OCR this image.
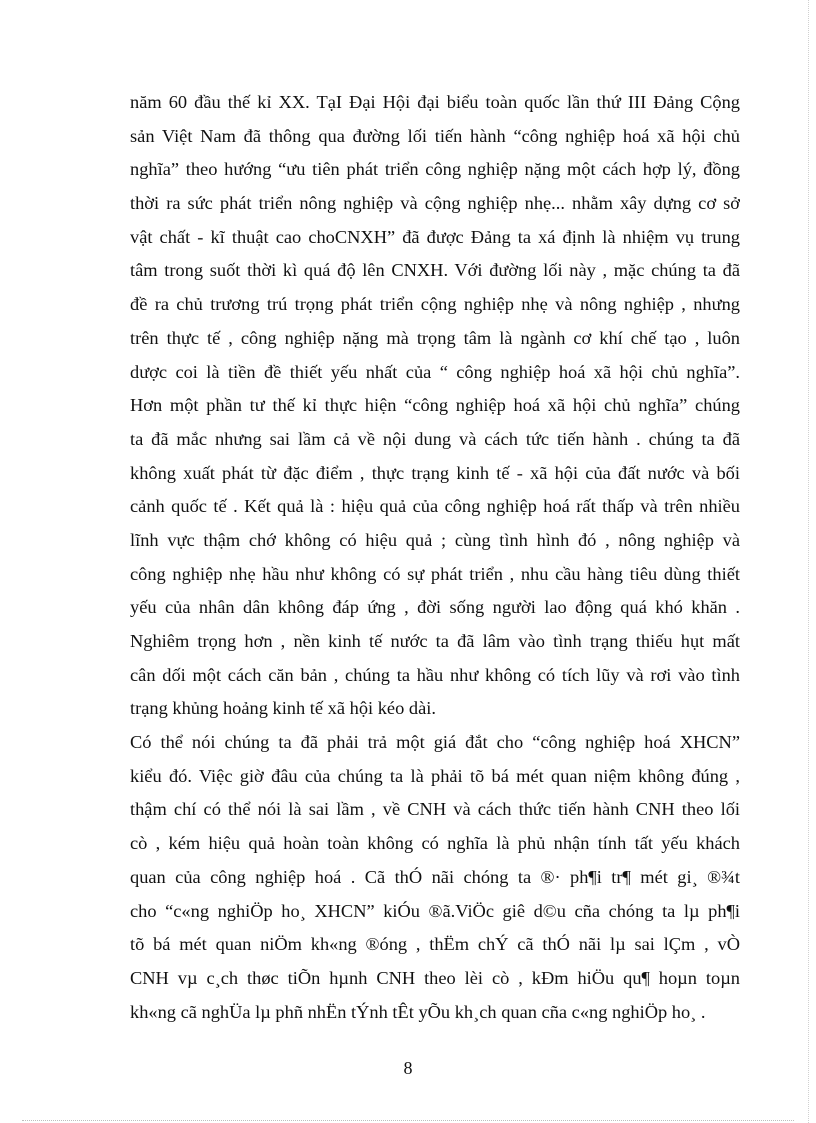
năm 60 đầu thế kỉ XX. TạI Đại Hội đại biểu toàn quốc lần thứ III Đảng Cộng
sản Việt Nam đã thông qua đường lối tiến hành “công nghiệp hoá xã hội chủ
nghĩa” theo hướng “ưu tiên phát triển công nghiệp nặng một cách hợp lý, đồng
thời ra sức phát triển nông nghiệp và cộng nghiệp nhẹ... nhằm xây dựng cơ sở
vật chất - kĩ thuật cao choCNXH” đã được Đảng ta xá định là nhiệm vụ trung
tâm trong suốt thời kì quá độ lên CNXH. Với đường lối này , mặc chúng ta đã
đề ra chủ trương trú trọng phát triển cộng nghiệp nhẹ và nông nghiệp , nhưng
trên thực tế , công nghiệp nặng mà trọng tâm là ngành cơ khí chế tạo , luôn
dược coi là tiền đề thiết yếu nhất của “ công nghiệp hoá xã hội chủ nghĩa”.
Hơn một phần tư thế kỉ thực hiện “công nghiệp hoá xã hội chủ nghĩa” chúng
ta đã mắc nhưng sai lầm cả về nội dung và cách tức tiến hành . chúng ta đã
không xuất phát từ đặc điểm , thực trạng kinh tế - xã hội của đất nước và bối
cảnh quốc tế . Kết quả là : hiệu quả của công nghiệp hoá rất thấp và trên nhiều
lĩnh vực thậm chớ không có hiệu quả ; cùng tình hình đó , nông nghiệp và
công nghiệp nhẹ hầu như không có sự phát triển , nhu cầu hàng tiêu dùng thiết
yếu của nhân dân không đáp ứng , đời sống người lao động quá khó khăn .
Nghiêm trọng hơn , nền kinh tế nước ta đã lâm vào tình trạng thiếu hụt mất
cân dối một cách căn bản , chúng ta hầu như không có tích lũy và rơi vào tình
trạng khủng hoảng kinh tế xã hội kéo dài.
Có thể nói chúng ta đã phải trả một giá đắt cho “công nghiệp hoá XHCN”
kiểu đó. Việc giờ đâu của chúng ta là phải tõ bá mét quan niệm không đúng ,
thậm chí có thể nói là sai lầm , về CNH và cách thức tiến hành CNH theo lối
cò , kém hiệu quả hoàn toàn không có nghĩa là phủ nhận tính tất yếu khách
quan của công nghiệp hoá . Cã thÓ nãi chóng ta ®· ph¶i tr¶ mét gi¸ ®¾t
cho “c«ng nghiÖp ho¸ XHCN” kiÓu ®ã.ViÖc giê d©u cña chóng ta lµ ph¶i
tõ bá mét quan niÖm kh«ng ®óng , thËm chÝ cã thÓ nãi lµ sai lÇm , vÒ
CNH vµ c¸ch thøc tiÕn hµnh CNH theo lèi cò , kÐm hiÖu qu¶ hoµn toµn
kh«ng cã nghÜa lµ phñ nhËn tÝnh tÊt yÕu kh¸ch quan cña c«ng nghiÖp ho¸ .
8
